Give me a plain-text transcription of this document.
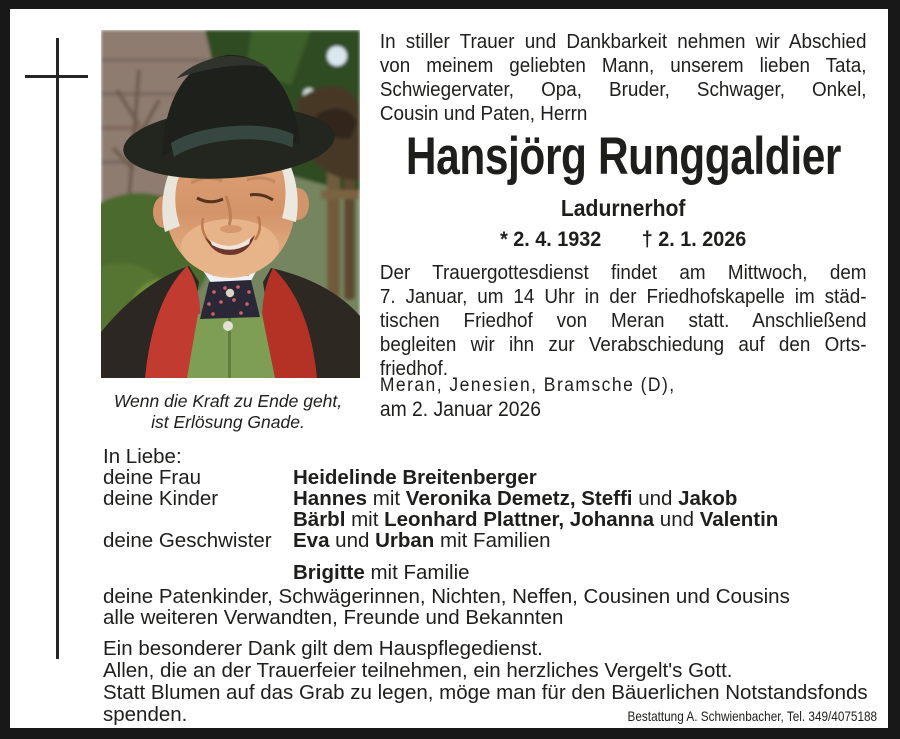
Wenn die Kraft zu Ende geht,
ist Erlösung Gnade.
In stiller Trauer und Dankbarkeit nehmen wir Abschied
von meinem geliebten Mann, unserem lieben Tata,
Schwiegervater, Opa, Bruder, Schwager, Onkel,
Cousin und Paten, Herrn
Hansjörg Runggaldier
Ladurnerhof
* 2. 4. 1932 † 2. 1. 2026
Der Trauergottesdienst findet am Mittwoch, dem
7. Januar, um 14 Uhr in der Friedhofskapelle im städ-
tischen Friedhof von Meran statt. Anschließend
begleiten wir ihn zur Verabschiedung auf den Orts-
friedhof.
Meran, Jenesien, Bramsche (D),
am 2. Januar 2026
In Liebe:
deine Frau	Heidelinde Breitenberger
deine Kinder	Hannes mit Veronika Demetz, Steffi und Jakob
Bärbl mit Leonhard Plattner, Johanna und Valentin
deine Geschwister	Eva und Urban mit Familien
Brigitte mit Familie
deine Patenkinder, Schwägerinnen, Nichten, Neffen, Cousinen und Cousins
alle weiteren Verwandten, Freunde und Bekannten
Ein besonderer Dank gilt dem Hauspflegedienst.
Allen, die an der Trauerfeier teilnehmen, ein herzliches Vergelt's Gott.
Statt Blumen auf das Grab zu legen, möge man für den Bäuerlichen Notstandsfonds
spenden.	Bestattung A. Schwienbacher, Tel. 349/4075188
